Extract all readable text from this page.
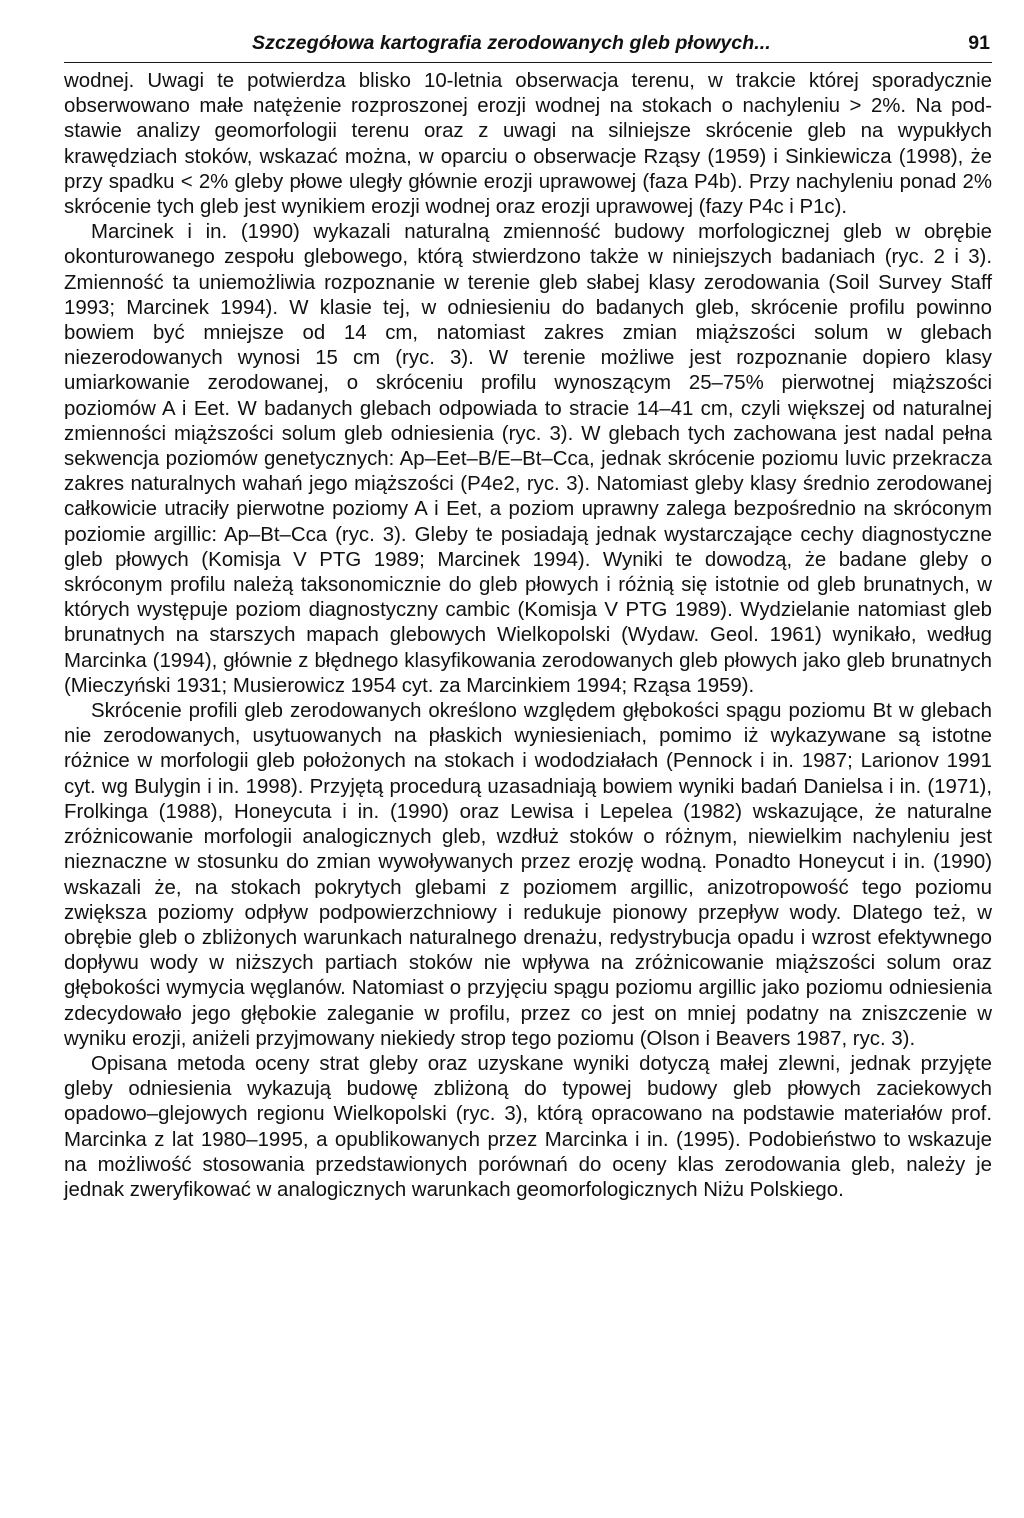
Szczegółowa kartografia zerodowanych gleb płowych...	91

wodnej. Uwagi te potwierdza blisko 10-letnia obserwacja terenu, w trakcie której sporadycznie obserwowano małe natężenie rozproszonej erozji wodnej na stokach o nachyleniu > 2%. Na podstawie analizy geomorfologii terenu oraz z uwagi na silniejsze skrócenie gleb na wypukłych krawędziach stoków, wskazać można, w oparciu o obserwacje Rząsy (1959) i Sinkiewicza (1998), że przy spadku < 2% gleby płowe uległy głównie erozji uprawowej (faza P4b). Przy nachyleniu ponad 2% skrócenie tych gleb jest wynikiem erozji wodnej oraz erozji uprawowej (fazy P4c i P1c).

Marcinek i in. (1990) wykazali naturalną zmienność budowy morfologicznej gleb w obrębie okonturowanego zespołu glebowego, którą stwierdzono także w niniejszych badaniach (ryc. 2 i 3). Zmienność ta uniemożliwia rozpoznanie w terenie gleb słabej klasy zerodowania (Soil Survey Staff 1993; Marcinek 1994). W klasie tej, w odniesieniu do badanych gleb, skrócenie profilu powinno bowiem być mniejsze od 14 cm, natomiast zakres zmian miąższości solum w glebach niezerodowanych wynosi 15 cm (ryc. 3). W terenie możliwe jest rozpoznanie dopiero klasy umiarkowanie zerodowanej, o skróceniu profilu wynoszącym 25–75% pierwotnej miąższości poziomów A i Eet. W badanych glebach odpowiada to stracie 14–41 cm, czyli większej od naturalnej zmienności miąższości solum gleb odniesienia (ryc. 3). W glebach tych zachowana jest nadal pełna sekwencja poziomów genetycznych: Ap–Eet–B/E–Bt–Cca, jednak skrócenie poziomu luvic przekracza zakres naturalnych wahań jego miąższości (P4e2, ryc. 3). Natomiast gleby klasy średnio zerodowanej całkowicie utraciły pierwotne poziomy A i Eet, a poziom uprawny zalega bezpośrednio na skróconym poziomie argillic: Ap–Bt–Cca (ryc. 3). Gleby te posiadają jednak wystarczające cechy diagnostyczne gleb płowych (Komisja V PTG 1989; Marcinek 1994). Wyniki te dowodzą, że badane gleby o skróconym profilu należą taksonomicznie do gleb płowych i różnią się istotnie od gleb brunatnych, w których występuje poziom diagnostyczny cambic (Komisja V PTG 1989). Wydzielanie natomiast gleb brunatnych na starszych mapach glebowych Wielkopolski (Wydaw. Geol. 1961) wynikało, według Marcinka (1994), głównie z błędnego klasyfikowania zerodowanych gleb płowych jako gleb brunatnych (Mieczyński 1931; Musierowicz 1954 cyt. za Marcinkiem 1994; Rząsa 1959).

Skrócenie profili gleb zerodowanych określono względem głębokości spągu poziomu Bt w glebach nie zerodowanych, usytuowanych na płaskich wyniesieniach, pomimo iż wykazywane są istotne różnice w morfologii gleb położonych na stokach i wododziałach (Pennock i in. 1987; Larionov 1991 cyt. wg Bulygin i in. 1998). Przyjętą procedurą uzasadniają bowiem wyniki badań Danielsa i in. (1971), Frolkinga (1988), Honeycuta i in. (1990) oraz Lewisa i Lepelea (1982) wskazujące, że naturalne zróżnicowanie morfologii analogicznych gleb, wzdłuż stoków o różnym, niewielkim nachyleniu jest nieznaczne w stosunku do zmian wywoływanych przez erozję wodną. Ponadto Honeycut i in. (1990) wskazali że, na stokach pokrytych glebami z poziomem argillic, anizotropowość tego poziomu zwiększa poziomy odpływ podpowierzchniowy i redukuje pionowy przepływ wody. Dlatego też, w obrębie gleb o zbliżonych warunkach naturalnego drenażu, redystrybucja opadu i wzrost efektywnego dopływu wody w niższych partiach stoków nie wpływa na zróżnicowanie miąższości solum oraz głębokości wymycia węglanów. Natomiast o przyjęciu spągu poziomu argillic jako poziomu odniesienia zdecydowało jego głębokie zaleganie w profilu, przez co jest on mniej podatny na zniszczenie w wyniku erozji, aniżeli przyjmowany niekiedy strop tego poziomu (Olson i Beavers 1987, ryc. 3).

Opisana metoda oceny strat gleby oraz uzyskane wyniki dotyczą małej zlewni, jednak przyjęte gleby odniesienia wykazują budowę zbliżoną do typowej budowy gleb płowych zaciekowych opadowo–glejowych regionu Wielkopolski (ryc. 3), którą opracowano na podstawie materiałów prof. Marcinka z lat 1980–1995, a opublikowanych przez Marcinka i in. (1995). Podobieństwo to wskazuje na możliwość stosowania przedstawionych porównań do oceny klas zerodowania gleb, należy je jednak zweryfikować w analogicznych warunkach geomorfologicznych Niżu Polskiego.
